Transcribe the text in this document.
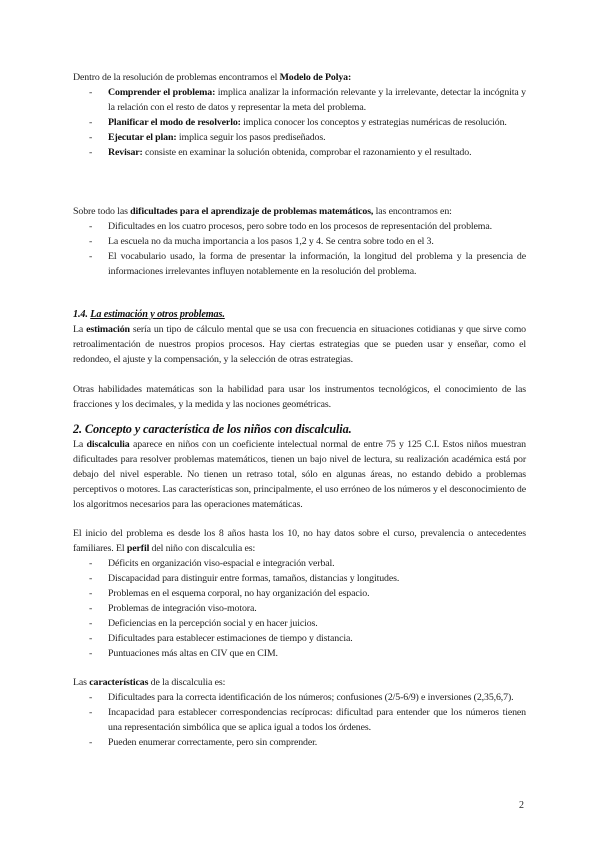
Dentro de la resolución de problemas encontramos el Modelo de Polya:

- Comprender el problema: implica analizar la información relevante y la irrelevante, detectar la incógnita y la relación con el resto de datos y representar la meta del problema.
- Planificar el modo de resolverlo: implica conocer los conceptos y estrategias numéricas de resolución.
- Ejecutar el plan: implica seguir los pasos prediseñados.
- Revisar: consiste en examinar la solución obtenida, comprobar el razonamiento y el resultado.

Sobre todo las dificultades para el aprendizaje de problemas matemáticos, las encontramos en:

- Dificultades en los cuatro procesos, pero sobre todo en los procesos de representación del problema.
- La escuela no da mucha importancia a los pasos 1,2 y 4. Se centra sobre todo en el 3.
- El vocabulario usado, la forma de presentar la información, la longitud del problema y la presencia de informaciones irrelevantes influyen notablemente en la resolución del problema.

1.4. La estimación y otros problemas.

La estimación sería un tipo de cálculo mental que se usa con frecuencia en situaciones cotidianas y que sirve como retroalimentación de nuestros propios procesos. Hay ciertas estrategias que se pueden usar y enseñar, como el redondeo, el ajuste y la compensación, y la selección de otras estrategias.

Otras habilidades matemáticas son la habilidad para usar los instrumentos tecnológicos, el conocimiento de las fracciones y los decimales, y la medida y las nociones geométricas.

2. Concepto y característica de los niños con discalculia.

La discalculia aparece en niños con un coeficiente intelectual normal de entre 75 y 125 C.I. Estos niños muestran dificultades para resolver problemas matemáticos, tienen un bajo nivel de lectura, su realización académica está por debajo del nivel esperable. No tienen un retraso total, sólo en algunas áreas, no estando debido a problemas perceptivos o motores. Las características son, principalmente, el uso erróneo de los números y el desconocimiento de los algoritmos necesarios para las operaciones matemáticas.

El inicio del problema es desde los 8 años hasta los 10, no hay datos sobre el curso, prevalencia o antecedentes familiares. El perfil del niño con discalculia es:

- Déficits en organización viso-espacial e integración verbal.
- Discapacidad para distinguir entre formas, tamaños, distancias y longitudes.
- Problemas en el esquema corporal, no hay organización del espacio.
- Problemas de integración viso-motora.
- Deficiencias en la percepción social y en hacer juicios.
- Dificultades para establecer estimaciones de tiempo y distancia.
- Puntuaciones más altas en CIV que en CIM.

Las características de la discalculia es:

- Dificultades para la correcta identificación de los números; confusiones (2/5-6/9) e inversiones (2,35,6,7).
- Incapacidad para establecer correspondencias recíprocas: dificultad para entender que los números tienen una representación simbólica que se aplica igual a todos los órdenes.
- Pueden enumerar correctamente, pero sin comprender.
2
